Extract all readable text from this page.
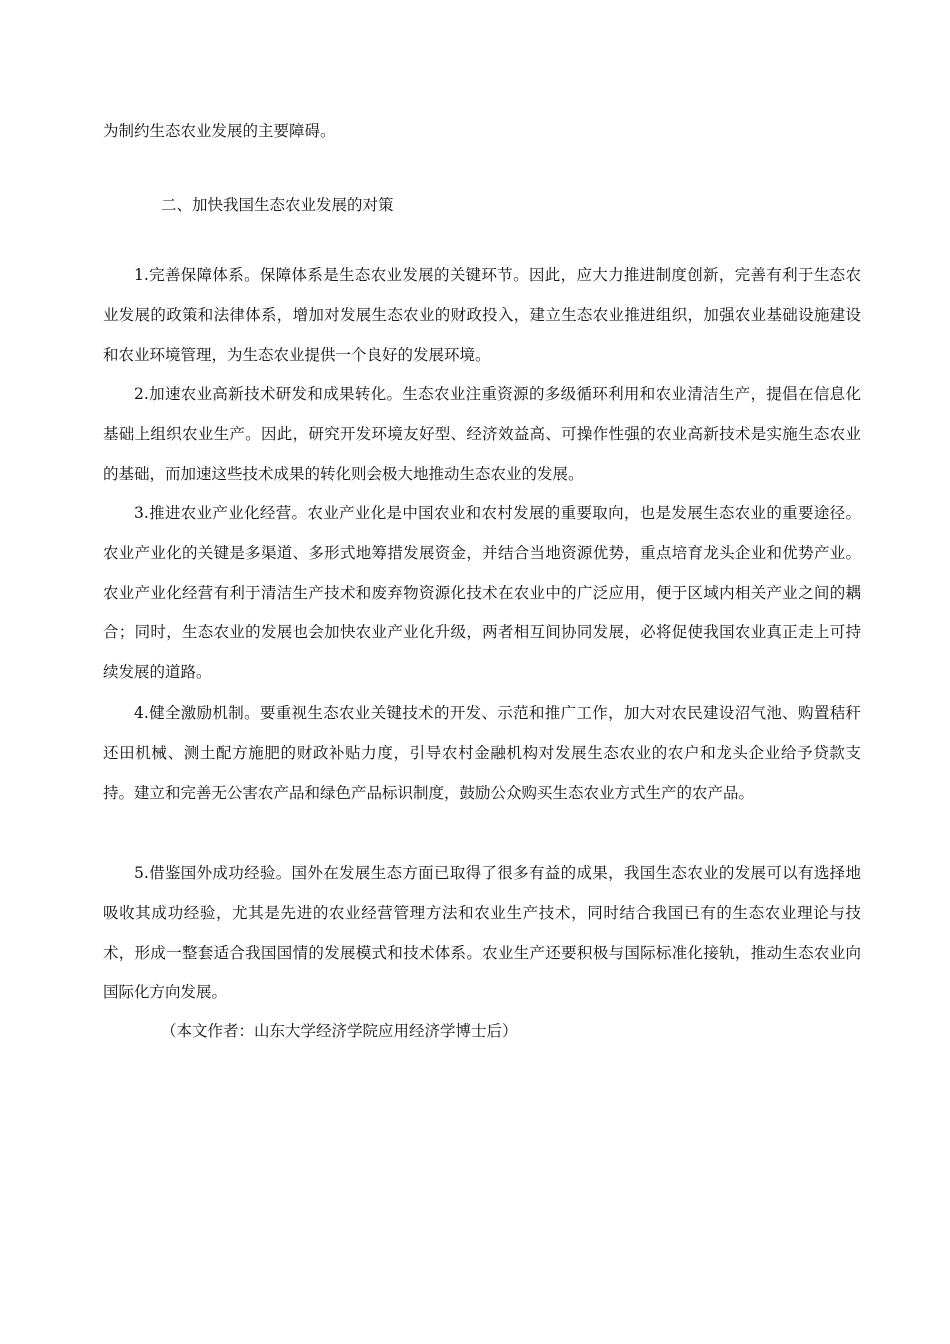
为制约生态农业发展的主要障碍。
二、加快我国生态农业发展的对策

1.完善保障体系。保障体系是生态农业发展的关键环节。因此，应大力推进制度创新，完善有利于生态农业发展的政策和法律体系，增加对发展生态农业的财政投入，建立生态农业推进组织，加强农业基础设施建设和农业环境管理，为生态农业提供一个良好的发展环境。

2.加速农业高新技术研发和成果转化。生态农业注重资源的多级循环利用和农业清洁生产，提倡在信息化基础上组织农业生产。因此，研究开发环境友好型、经济效益高、可操作性强的农业高新技术是实施生态农业的基础，而加速这些技术成果的转化则会极大地推动生态农业的发展。

3.推进农业产业化经营。农业产业化是中国农业和农村发展的重要取向，也是发展生态农业的重要途径。农业产业化的关键是多渠道、多形式地筹措发展资金，并结合当地资源优势，重点培育龙头企业和优势产业。农业产业化经营有利于清洁生产技术和废弃物资源化技术在农业中的广泛应用，便于区域内相关产业之间的耦合；同时，生态农业的发展也会加快农业产业化升级，两者相互间协同发展，必将促使我国农业真正走上可持续发展的道路。

4.健全激励机制。要重视生态农业关键技术的开发、示范和推广工作，加大对农民建设沼气池、购置秸秆还田机械、测土配方施肥的财政补贴力度，引导农村金融机构对发展生态农业的农户和龙头企业给予贷款支持。建立和完善无公害农产品和绿色产品标识制度，鼓励公众购买生态农业方式生产的农产品。

5.借鉴国外成功经验。国外在发展生态方面已取得了很多有益的成果，我国生态农业的发展可以有选择地吸收其成功经验，尤其是先进的农业经营管理方法和农业生产技术，同时结合我国已有的生态农业理论与技术，形成一整套适合我国国情的发展模式和技术体系。农业生产还要积极与国际标准化接轨，推动生态农业向国际化方向发展。

（本文作者：山东大学经济学院应用经济学博士后）
